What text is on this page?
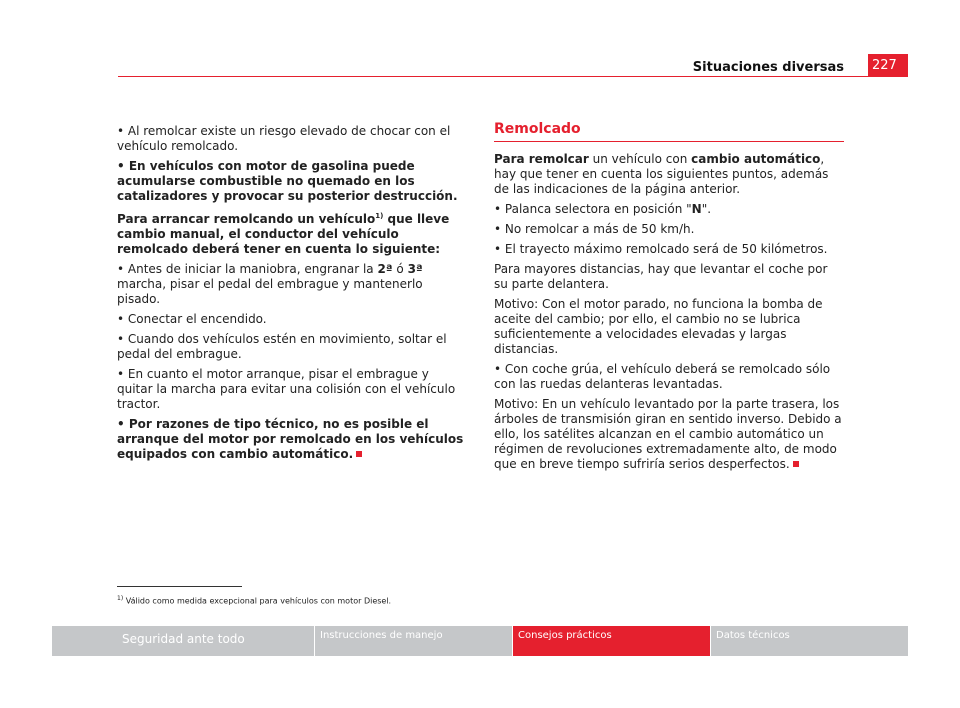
Situaciones diversas	227

• Al remolcar existe un riesgo elevado de chocar con el vehículo remolcado.

• En vehículos con motor de gasolina puede acumularse combustible no quemado en los catalizadores y provocar su posterior destrucción.

Para arrancar remolcando un vehículo$^{1)}$ que lleve cambio manual, el conductor del vehículo remolcado deberá tener en cuenta lo siguiente:

• Antes de iniciar la maniobra, engranar la 2ª ó 3ª marcha, pisar el pedal del embrague y mantenerlo pisado.

• Conectar el encendido.

• Cuando dos vehículos estén en movimiento, soltar el pedal del embrague.

• En cuanto el motor arranque, pisar el embrague y quitar la marcha para evitar una colisión con el vehículo tractor.

• Por razones de tipo técnico, no es posible el arranque del motor por remolcado en los vehículos equipados con cambio automático.

Remolcado

Para remolcar un vehículo con cambio automático, hay que tener en cuenta los siguientes puntos, además de las indicaciones de la página anterior.

• Palanca selectora en posición "N".

• No remolcar a más de 50 km/h.

• El trayecto máximo remolcado será de 50 kilómetros.

Para mayores distancias, hay que levantar el coche por su parte delantera.

Motivo: Con el motor parado, no funciona la bomba de aceite del cambio; por ello, el cambio no se lubrica suficientemente a velocidades elevadas y largas distancias.

• Con coche grúa, el vehículo deberá se remolcado sólo con las ruedas delanteras levantadas.

Motivo: En un vehículo levantado por la parte trasera, los árboles de transmisión giran en sentido inverso. Debido a ello, los satélites alcanzan en el cambio automático un régimen de revoluciones extremadamente alto, de modo que en breve tiempo sufriría serios desperfectos.

$^{1)}$ Válido como medida excepcional para vehículos con motor Diesel.
Seguridad ante todo	Instrucciones de manejo	Consejos prácticos	Datos técnicos
